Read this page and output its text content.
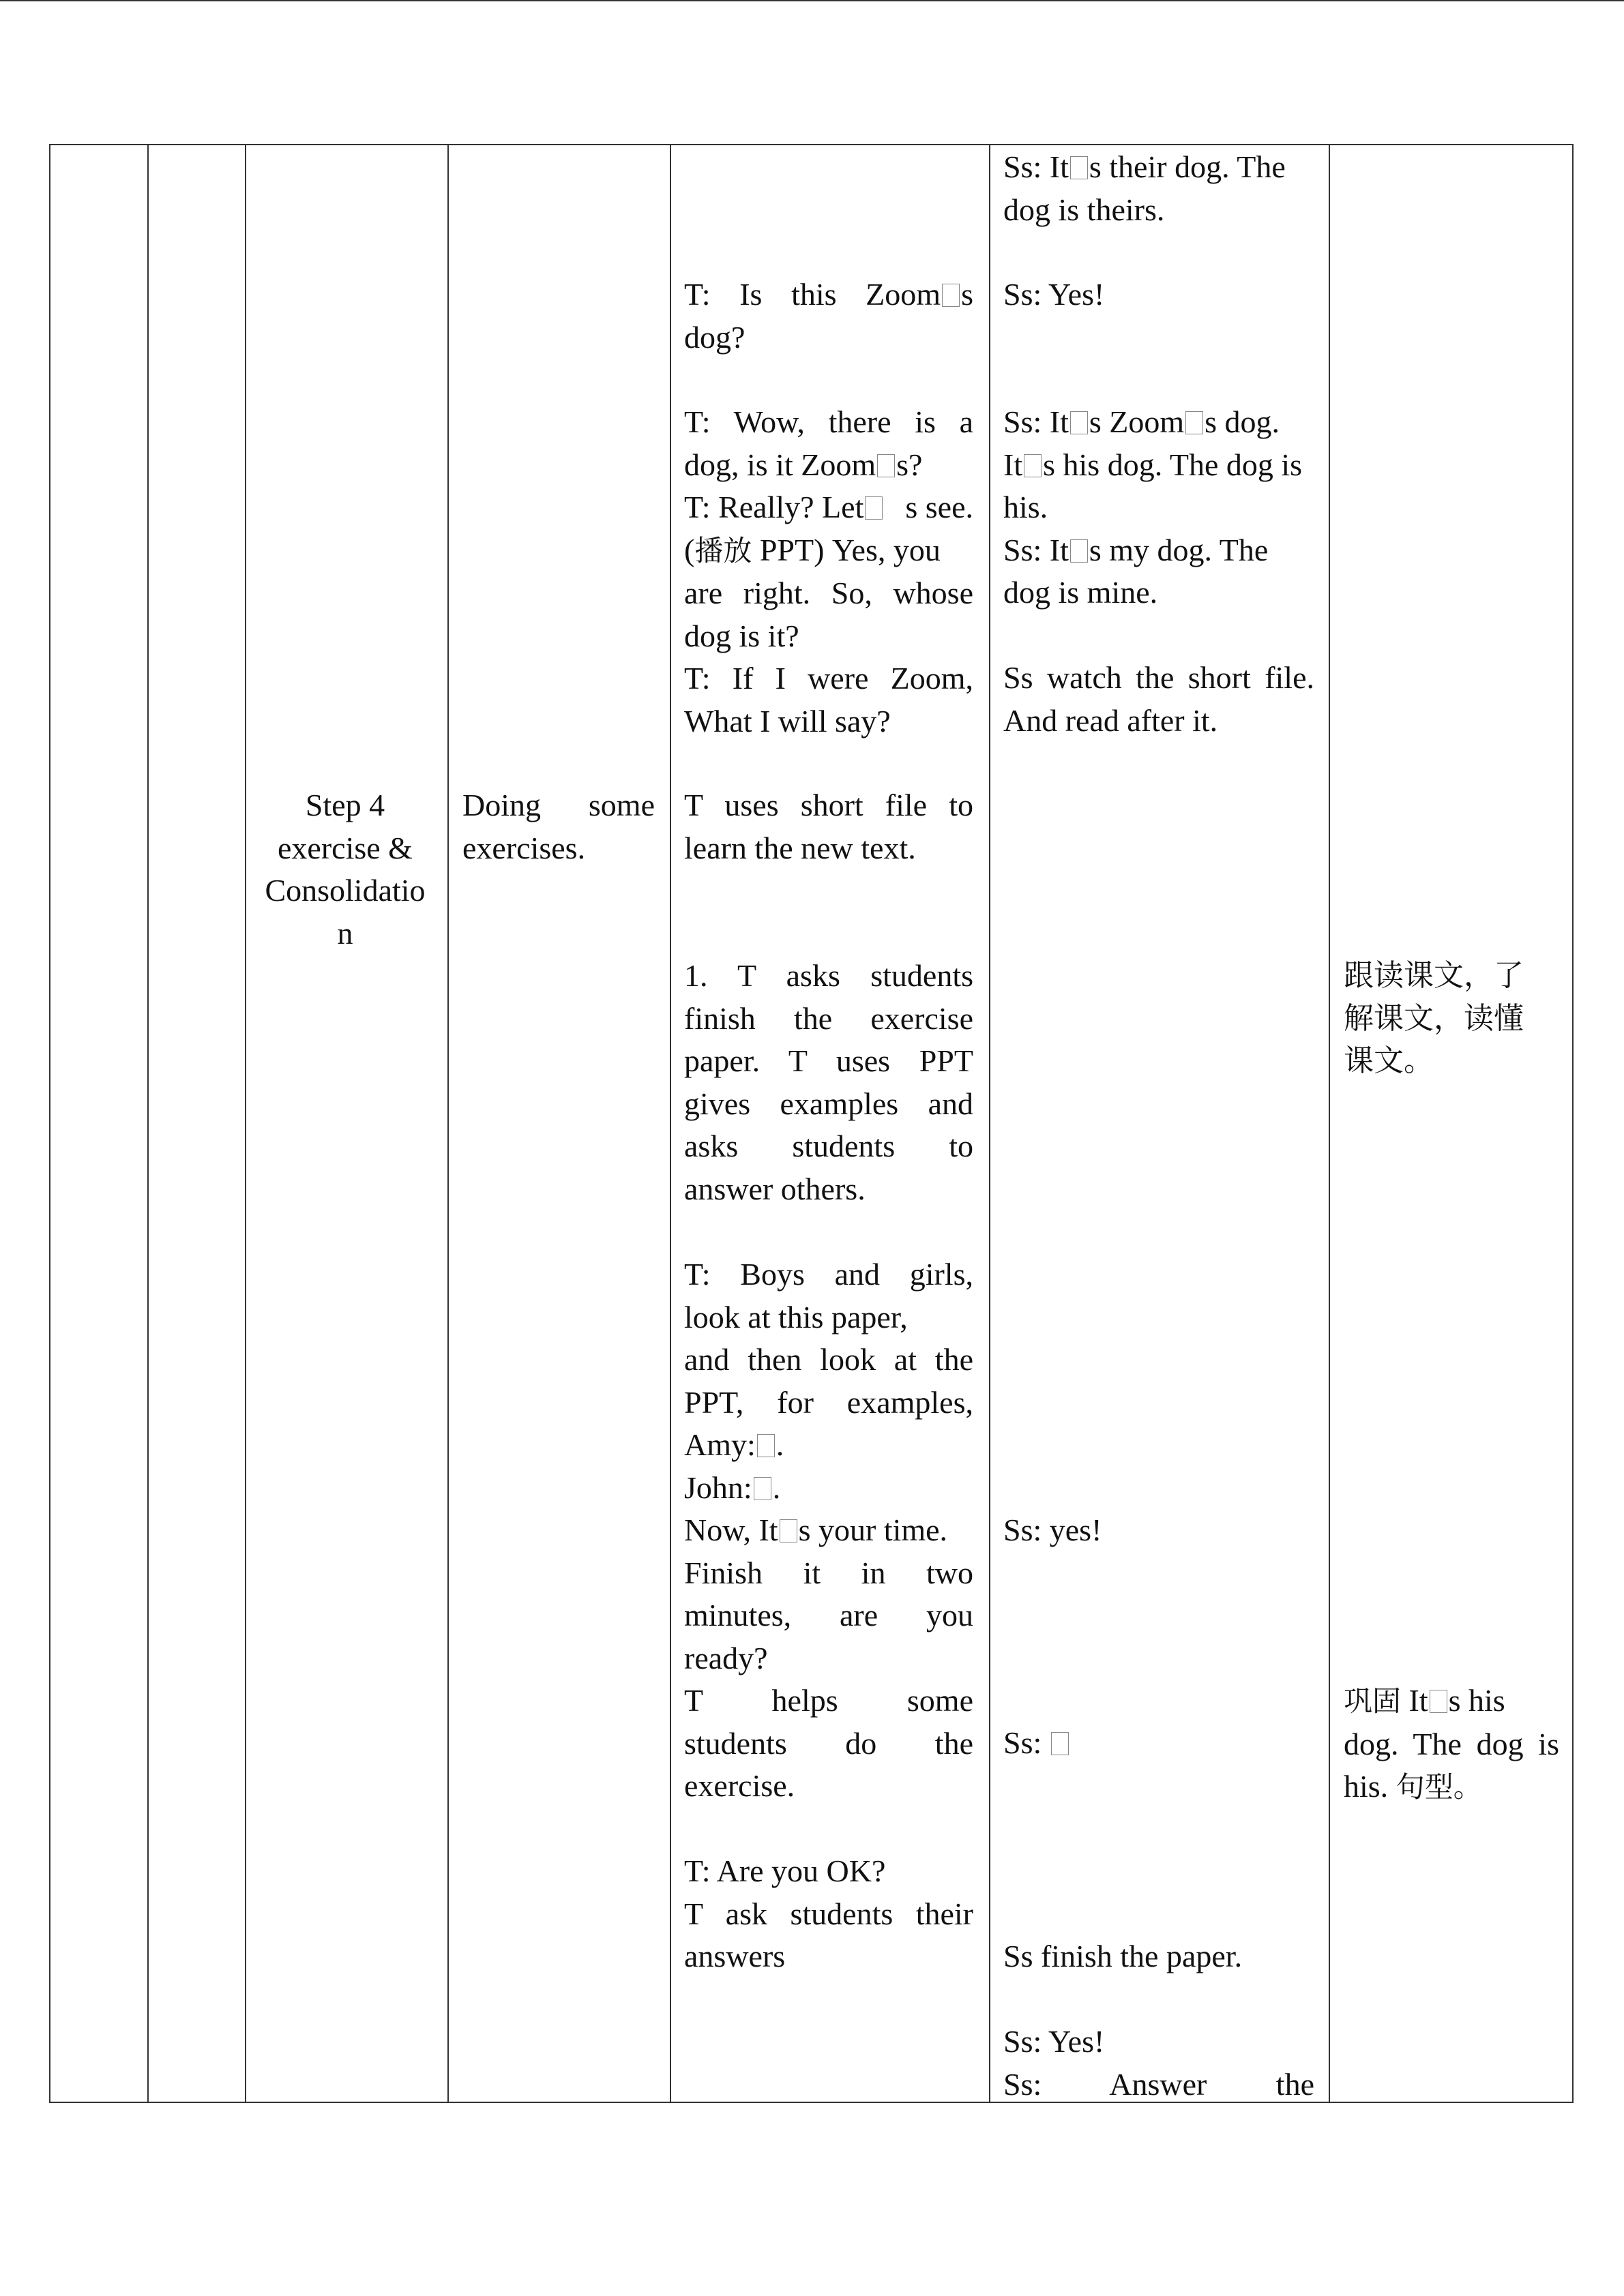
Step 4
exercise &
Consolidatio
n
Doing some
exercises.
T: Is this Zoom s
dog?
T: Wow, there is a
dog, is it Zoom s?
T: Really? Let	s see.
(播放 PPT) Yes, you
are right. So, whose
dog is it?
T: If I were Zoom,
What I will say?
T uses short file to
learn the new text.
1. T asks students
finish the exercise
paper. T uses PPT
gives examples and
asks students to
answer others.
T: Boys and girls,
look at this paper,
and then look at the
PPT, for examples,
Amy: .
John: .
Now, It s your time.
Finish it in two
minutes, are you
ready?
T helps some
students do the
exercise.
T: Are you OK?
T ask students their
answers
Ss: It s their dog. The
dog is theirs.
Ss: Yes!
Ss: It s Zoom s dog.
It s his dog. The dog is
his.
Ss: It s my dog. The
dog is mine.
Ss watch the short file.
And read after it.
Ss: yes!
Ss:
Ss finish the paper.
Ss: Yes!
Ss: Answer the
跟读课文，了
解课文，读懂
课文。
巩固 It s his
dog. The dog is
his. 句型。
